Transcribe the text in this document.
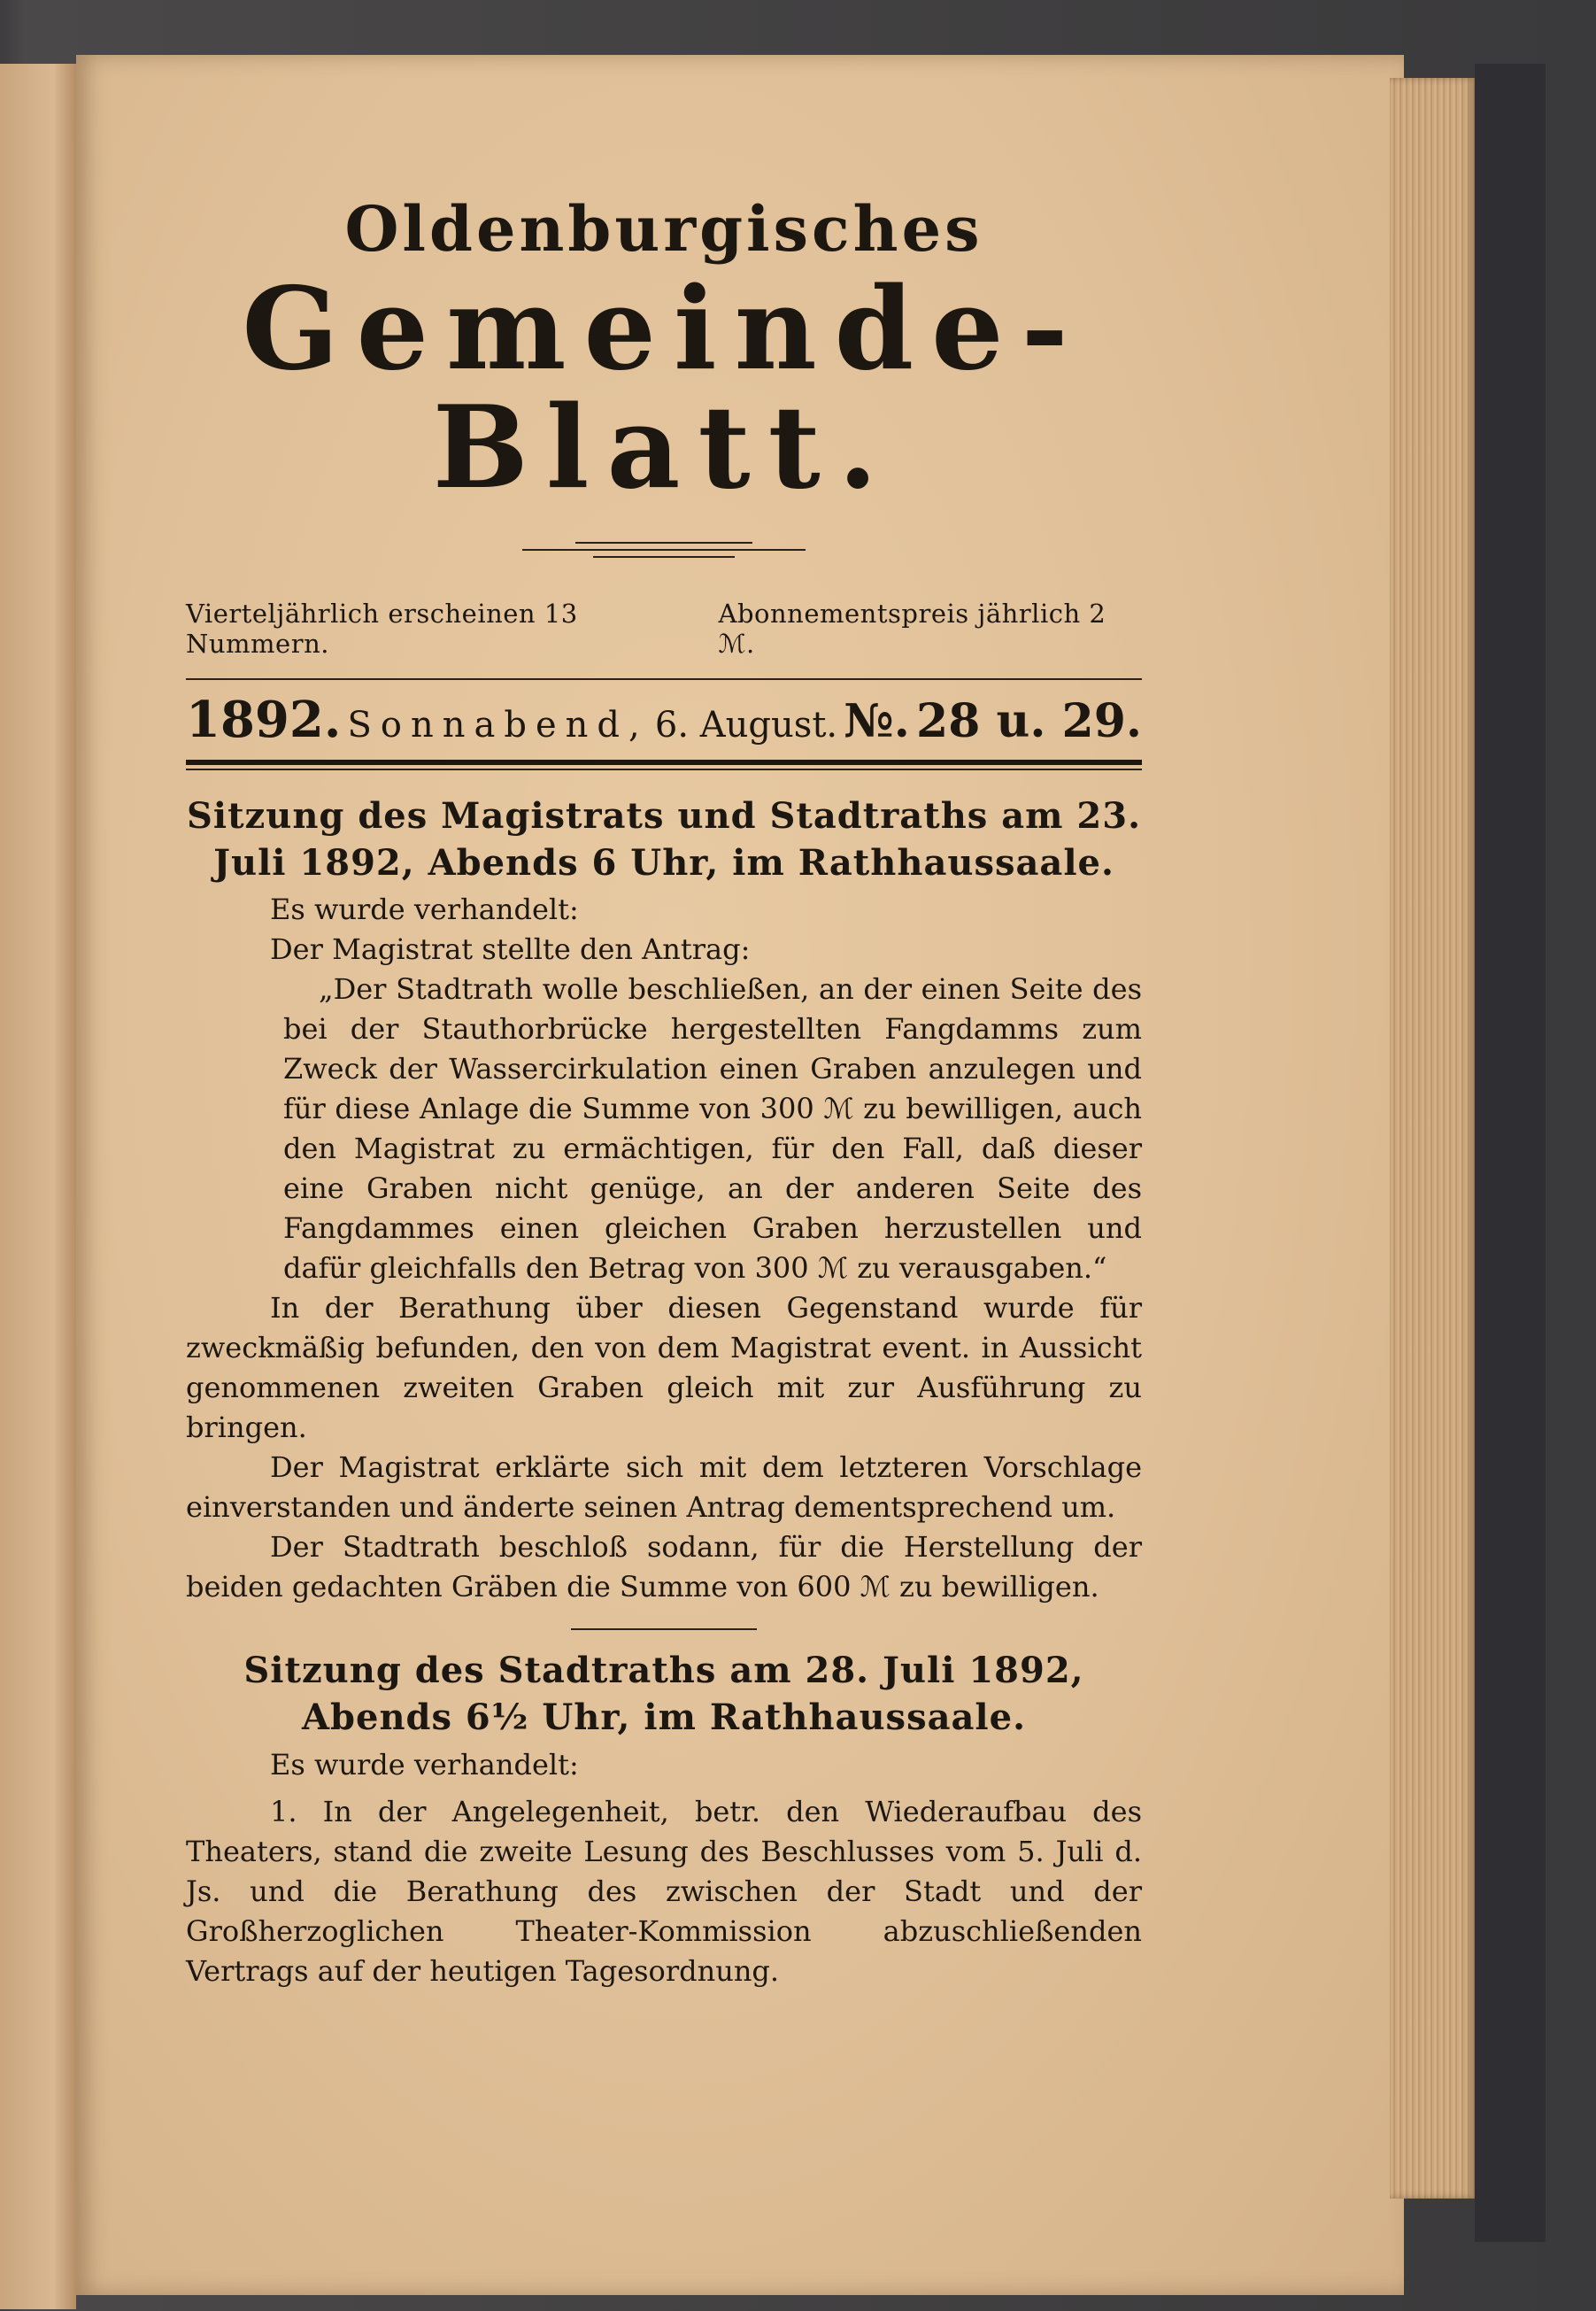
Oldenburgisches
Gemeinde-Blatt.
Vierteljährlich erscheinen 13 Nummern.
Abonnementspreis jährlich 2 ℳ.
1892. Sonnabend, 6. August. №. 28 u. 29.
Sitzung des Magistrats und Stadtraths am 23. Juli 1892, Abends 6 Uhr, im Rathhaussaale.

Es wurde verhandelt:

Der Magistrat stellte den Antrag:

„Der Stadtrath wolle beschließen, an der einen Seite des bei der Stauthorbrücke hergestellten Fangdamms zum Zweck der Wassercirkulation einen Graben anzulegen und für diese Anlage die Summe von 300 ℳ zu bewilligen, auch den Magistrat zu ermächtigen, für den Fall, daß dieser eine Graben nicht genüge, an der anderen Seite des Fangdammes einen gleichen Graben herzustellen und dafür gleichfalls den Betrag von 300 ℳ zu verausgaben.“

In der Berathung über diesen Gegenstand wurde für zweckmäßig befunden, den von dem Magistrat event. in Aussicht genommenen zweiten Graben gleich mit zur Ausführung zu bringen.

Der Magistrat erklärte sich mit dem letzteren Vorschlage einverstanden und änderte seinen Antrag dementsprechend um.

Der Stadtrath beschloß sodann, für die Herstellung der beiden gedachten Gräben die Summe von 600 ℳ zu bewilligen.

Sitzung des Stadtraths am 28. Juli 1892,
Abends 6½ Uhr, im Rathhaussaale.

Es wurde verhandelt:

1. In der Angelegenheit, betr. den Wiederaufbau des Theaters, stand die zweite Lesung des Beschlusses vom 5. Juli d. Js. und die Berathung des zwischen der Stadt und der Großherzoglichen Theater-Kommission abzuschließenden Vertrags auf der heutigen Tagesordnung.
